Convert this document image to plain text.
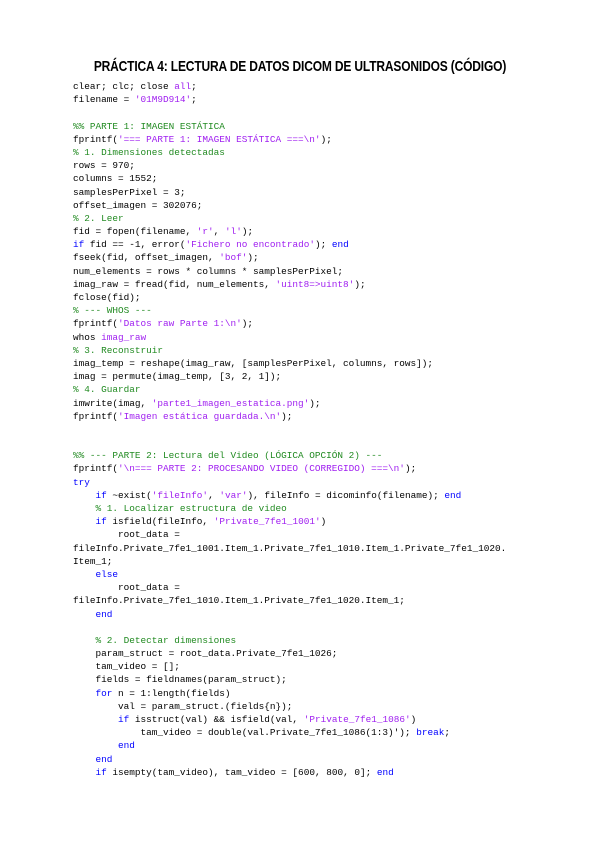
PRÁCTICA 4: LECTURA DE DATOS DICOM DE ULTRASONIDOS (CÓDIGO)
clear; clc; close all;
filename = '01M9D914';
%% PARTE 1: IMAGEN ESTÁTICA
fprintf('=== PARTE 1: IMAGEN ESTÁTICA ===\n');
% 1. Dimensiones detectadas
rows = 970;
columns = 1552;
samplesPerPixel = 3;
offset_imagen = 302076;
% 2. Leer
fid = fopen(filename, 'r', 'l');
if fid == -1, error('Fichero no encontrado'); end
fseek(fid, offset_imagen, 'bof');
num_elements = rows * columns * samplesPerPixel;
imag_raw = fread(fid, num_elements, 'uint8=>uint8');
fclose(fid);
% --- WHOS ---
fprintf('Datos raw Parte 1:\n');
whos imag_raw
% 3. Reconstruir
imag_temp = reshape(imag_raw, [samplesPerPixel, columns, rows]);
imag = permute(imag_temp, [3, 2, 1]);
% 4. Guardar
imwrite(imag, 'parte1_imagen_estatica.png');
fprintf('Imagen estática guardada.\n');
%% --- PARTE 2: Lectura del Video (LÓGICA OPCIÓN 2) ---
fprintf('\n=== PARTE 2: PROCESANDO VIDEO (CORREGIDO) ===\n');
try
if ~exist('fileInfo', 'var'), fileInfo = dicominfo(filename); end
% 1. Localizar estructura de video
if isfield(fileInfo, 'Private_7fe1_1001')
root_data =
fileInfo.Private_7fe1_1001.Item_1.Private_7fe1_1010.Item_1.Private_7fe1_1020.
Item_1;
else
root_data =
fileInfo.Private_7fe1_1010.Item_1.Private_7fe1_1020.Item_1;
end
% 2. Detectar dimensiones
param_struct = root_data.Private_7fe1_1026;
tam_video = [];
fields = fieldnames(param_struct);
for n = 1:length(fields)
val = param_struct.(fields{n});
if isstruct(val) && isfield(val, 'Private_7fe1_1086')
tam_video = double(val.Private_7fe1_1086(1:3)'); break;
end
end
if isempty(tam_video), tam_video = [600, 800, 0]; end
